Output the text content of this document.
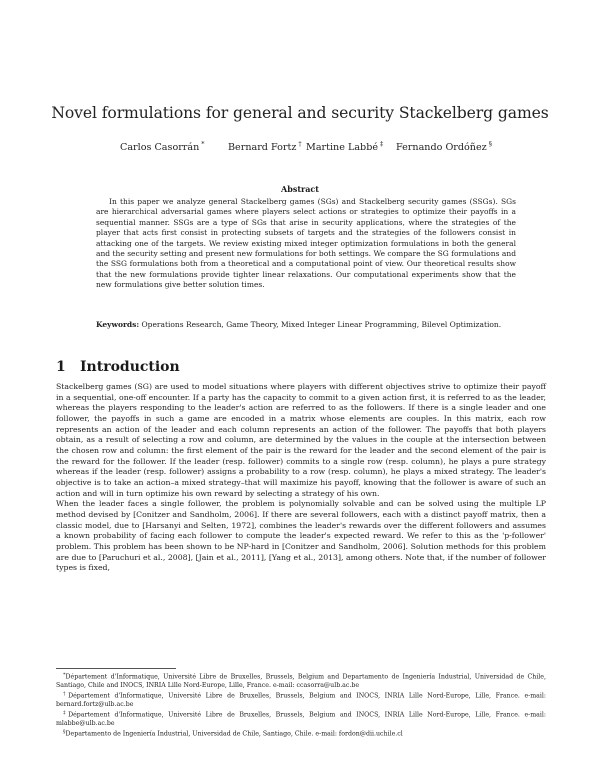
Novel formulations for general and security Stackelberg games
Carlos Casorrán * Bernard Fortz † Martine Labbé ‡ Fernando Ordóñez §
Abstract

In this paper we analyze general Stackelberg games (SGs) and Stackelberg security games (SSGs). SGs are hierarchical adversarial games where players select actions or strategies to optimize their payoffs in a sequential manner. SSGs are a type of SGs that arise in security applications, where the strategies of the player that acts first consist in protecting subsets of targets and the strategies of the followers consist in attacking one of the targets. We review existing mixed integer optimization formulations in both the general and the security setting and present new formulations for both settings. We compare the SG formulations and the SSG formulations both from a theoretical and a computational point of view. Our theoretical results show that the new formulations provide tighter linear relaxations. Our computational experiments show that the new formulations give better solution times.

Keywords: Operations Research, Game Theory, Mixed Integer Linear Programming, Bilevel Optimization.

1 Introduction

Stackelberg games (SG) are used to model situations where players with different objectives strive to optimize their payoff in a sequential, one-off encounter. If a party has the capacity to commit to a given action first, it is referred to as the leader, whereas the players responding to the leader's action are referred to as the followers. If there is a single leader and one follower, the payoffs in such a game are encoded in a matrix whose elements are couples. In this matrix, each row represents an action of the leader and each column represents an action of the follower. The payoffs that both players obtain, as a result of selecting a row and column, are determined by the values in the couple at the intersection between the chosen row and column: the first element of the pair is the reward for the leader and the second element of the pair is the reward for the follower. If the leader (resp. follower) commits to a single row (resp. column), he plays a pure strategy whereas if the leader (resp. follower) assigns a probability to a row (resp. column), he plays a mixed strategy. The leader's objective is to take an action–a mixed strategy–that will maximize his payoff, knowing that the follower is aware of such an action and will in turn optimize his own reward by selecting a strategy of his own.

When the leader faces a single follower, the problem is polynomially solvable and can be solved using the multiple LP method devised by [Conitzer and Sandholm, 2006]. If there are several followers, each with a distinct payoff matrix, then a classic model, due to [Harsanyi and Selten, 1972], combines the leader's rewards over the different followers and assumes a known probability of facing each follower to compute the leader's expected reward. We refer to this as the 'p-follower' problem. This problem has been shown to be NP-hard in [Conitzer and Sandholm, 2006]. Solution methods for this problem are due to [Paruchuri et al., 2008], [Jain et al., 2011], [Yang et al., 2013], among others. Note that, if the number of follower types is fixed,

*Département d'Informatique, Université Libre de Bruxelles, Brussels, Belgium and Departamento de Ingeniería Industrial, Universidad de Chile, Santiago, Chile and INOCS, INRIA Lille Nord-Europe, Lille, France. e-mail: ccasorra@ulb.ac.be

†Département d'Informatique, Université Libre de Bruxelles, Brussels, Belgium and INOCS, INRIA Lille Nord-Europe, Lille, France. e-mail: bernard.fortz@ulb.ac.be

‡Département d'Informatique, Université Libre de Bruxelles, Brussels, Belgium and INOCS, INRIA Lille Nord-Europe, Lille, France. e-mail: mlabbe@ulb.ac.be

§Departamento de Ingeniería Industrial, Universidad de Chile, Santiago, Chile. e-mail: fordon@dii.uchile.cl
